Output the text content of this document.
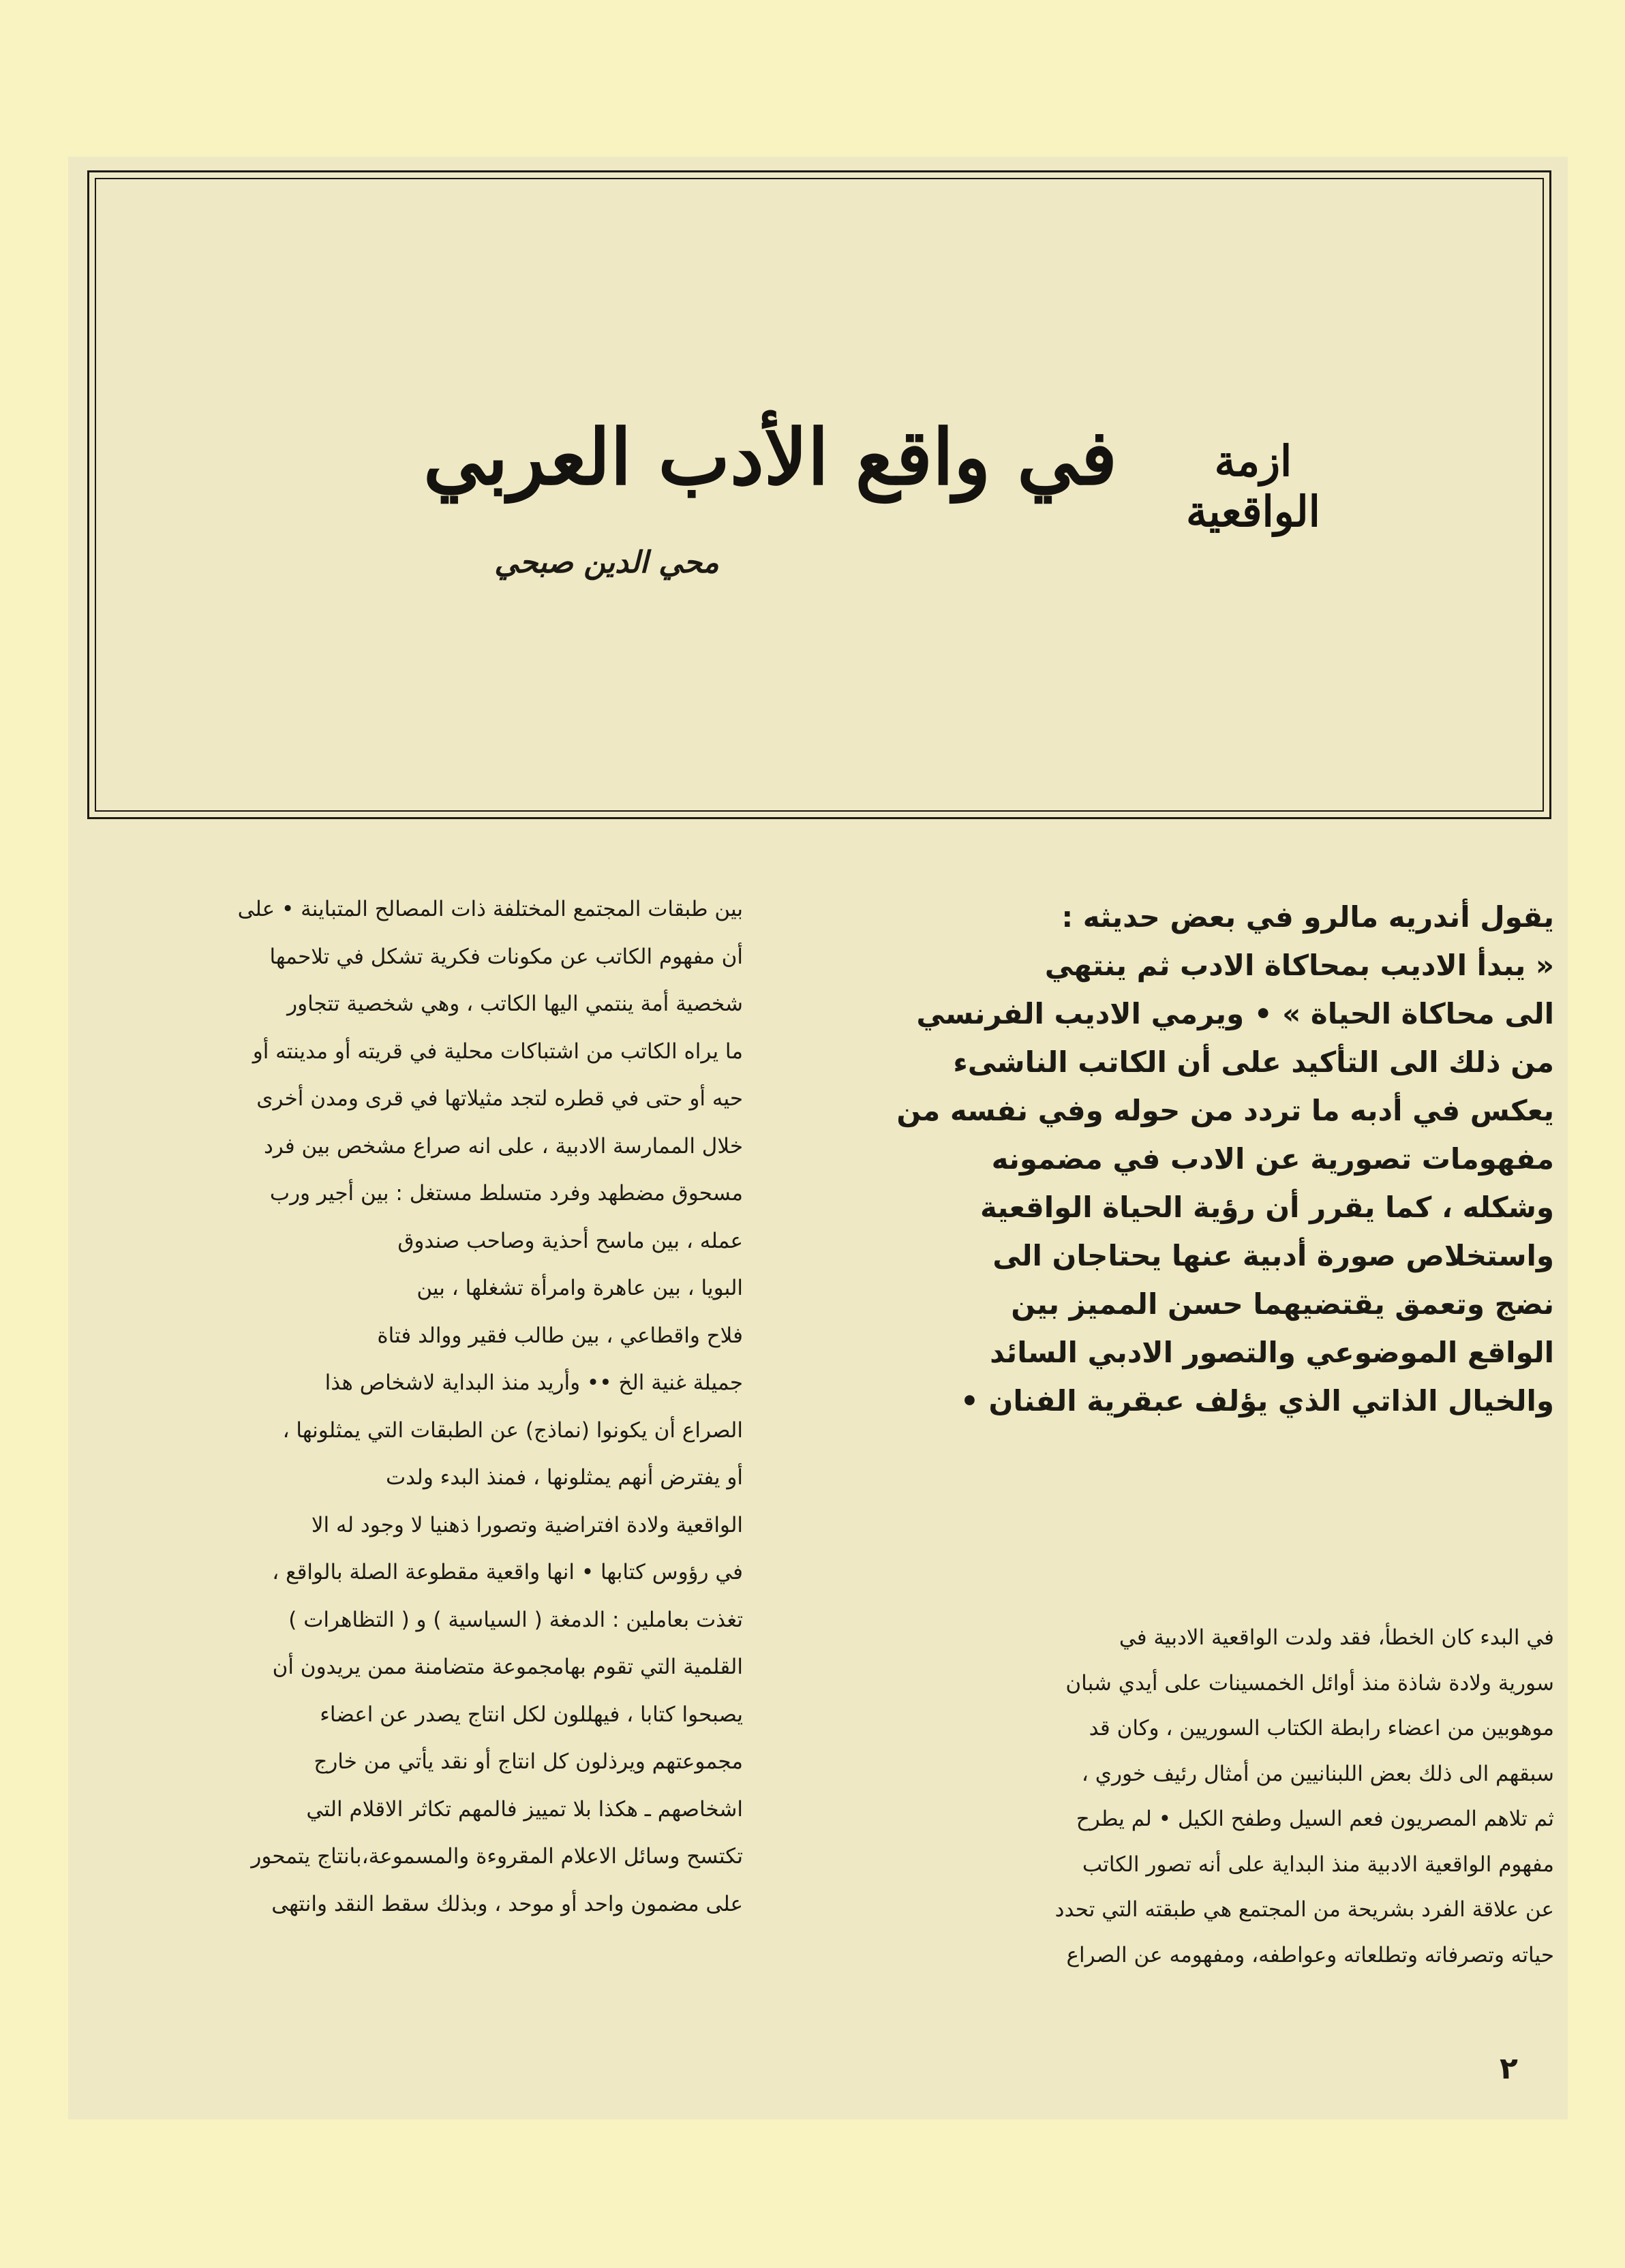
في واقع الأدب العربي	ازمة
الواقعية
محي الدين صبحي

يقول أندريه مالرو في بعض حديثه :

« يبدأ الاديب بمحاكاة الادب ثم ينتهي

الى محاكاة الحياة » • ويرمي الاديب الفرنسي

من ذلك الى التأكيد على أن الكاتب الناشىء

يعكس في أدبه ما تردد من حوله وفي نفسه من

مفهومات تصورية عن الادب في مضمونه

وشكله ، كما يقرر أن رؤية الحياة الواقعية

واستخلاص صورة أدبية عنها يحتاجان الى

نضج وتعمق يقتضيهما حسن المميز بين

الواقع الموضوعي والتصور الادبي السائد

والخيال الذاتي الذي يؤلف عبقرية الفنان •

في البدء كان الخطأ، فقد ولدت الواقعية الادبية في

سورية ولادة شاذة منذ أوائل الخمسينات على أيدي شبان

موهوبين من اعضاء رابطة الكتاب السوريين ، وكان قد

سبقهم الى ذلك بعض اللبنانيين من أمثال رئيف خوري ،

ثم تلاهم المصريون فعم السيل وطفح الكيل • لم يطرح

مفهوم الواقعية الادبية منذ البداية على أنه تصور الكاتب

عن علاقة الفرد بشريحة من المجتمع هي طبقته التي تحدد

حياته وتصرفاته وتطلعاته وعواطفه، ومفهومه عن الصراع

بين طبقات المجتمع المختلفة ذات المصالح المتباينة • على

أن مفهوم الكاتب عن مكونات فكرية تشكل في تلاحمها

شخصية أمة ينتمي اليها الكاتب ، وهي شخصية تتجاور

ما يراه الكاتب من اشتباكات محلية في قريته أو مدينته أو

حيه أو حتى في قطره لتجد مثيلاتها في قرى ومدن أخرى

خلال الممارسة الادبية ، على انه صراع مشخص بين فرد

مسحوق مضطهد وفرد متسلط مستغل : بين أجير ورب

عمله ، بين ماسح أحذية وصاحب صندوق

البويا ، بين عاهرة وامرأة تشغلها ، بين

فلاح واقطاعي ، بين طالب فقير ووالد فتاة

جميلة غنية الخ •• وأريد منذ البداية لاشخاص هذا

الصراع أن يكونوا (نماذج) عن الطبقات التي يمثلونها ،

أو يفترض أنهم يمثلونها ، فمنذ البدء ولدت

الواقعية ولادة افتراضية وتصورا ذهنيا لا وجود له الا

في رؤوس كتابها • انها واقعية مقطوعة الصلة بالواقع ،

تغذت بعاملين : الدمغة ( السياسية ) و ( التظاهرات )

القلمية التي تقوم بهامجموعة متضامنة ممن يريدون أن

يصبحوا كتابا ، فيهللون لكل انتاج يصدر عن اعضاء

مجموعتهم ويرذلون كل انتاج أو نقد يأتي من خارج

اشخاصهم ـ هكذا بلا تمييز فالمهم تكاثر الاقلام التي

تكتسح وسائل الاعلام المقروءة والمسموعة،بانتاج يتمحور

على مضمون واحد أو موحد ، وبذلك سقط النقد وانتهى

٢
